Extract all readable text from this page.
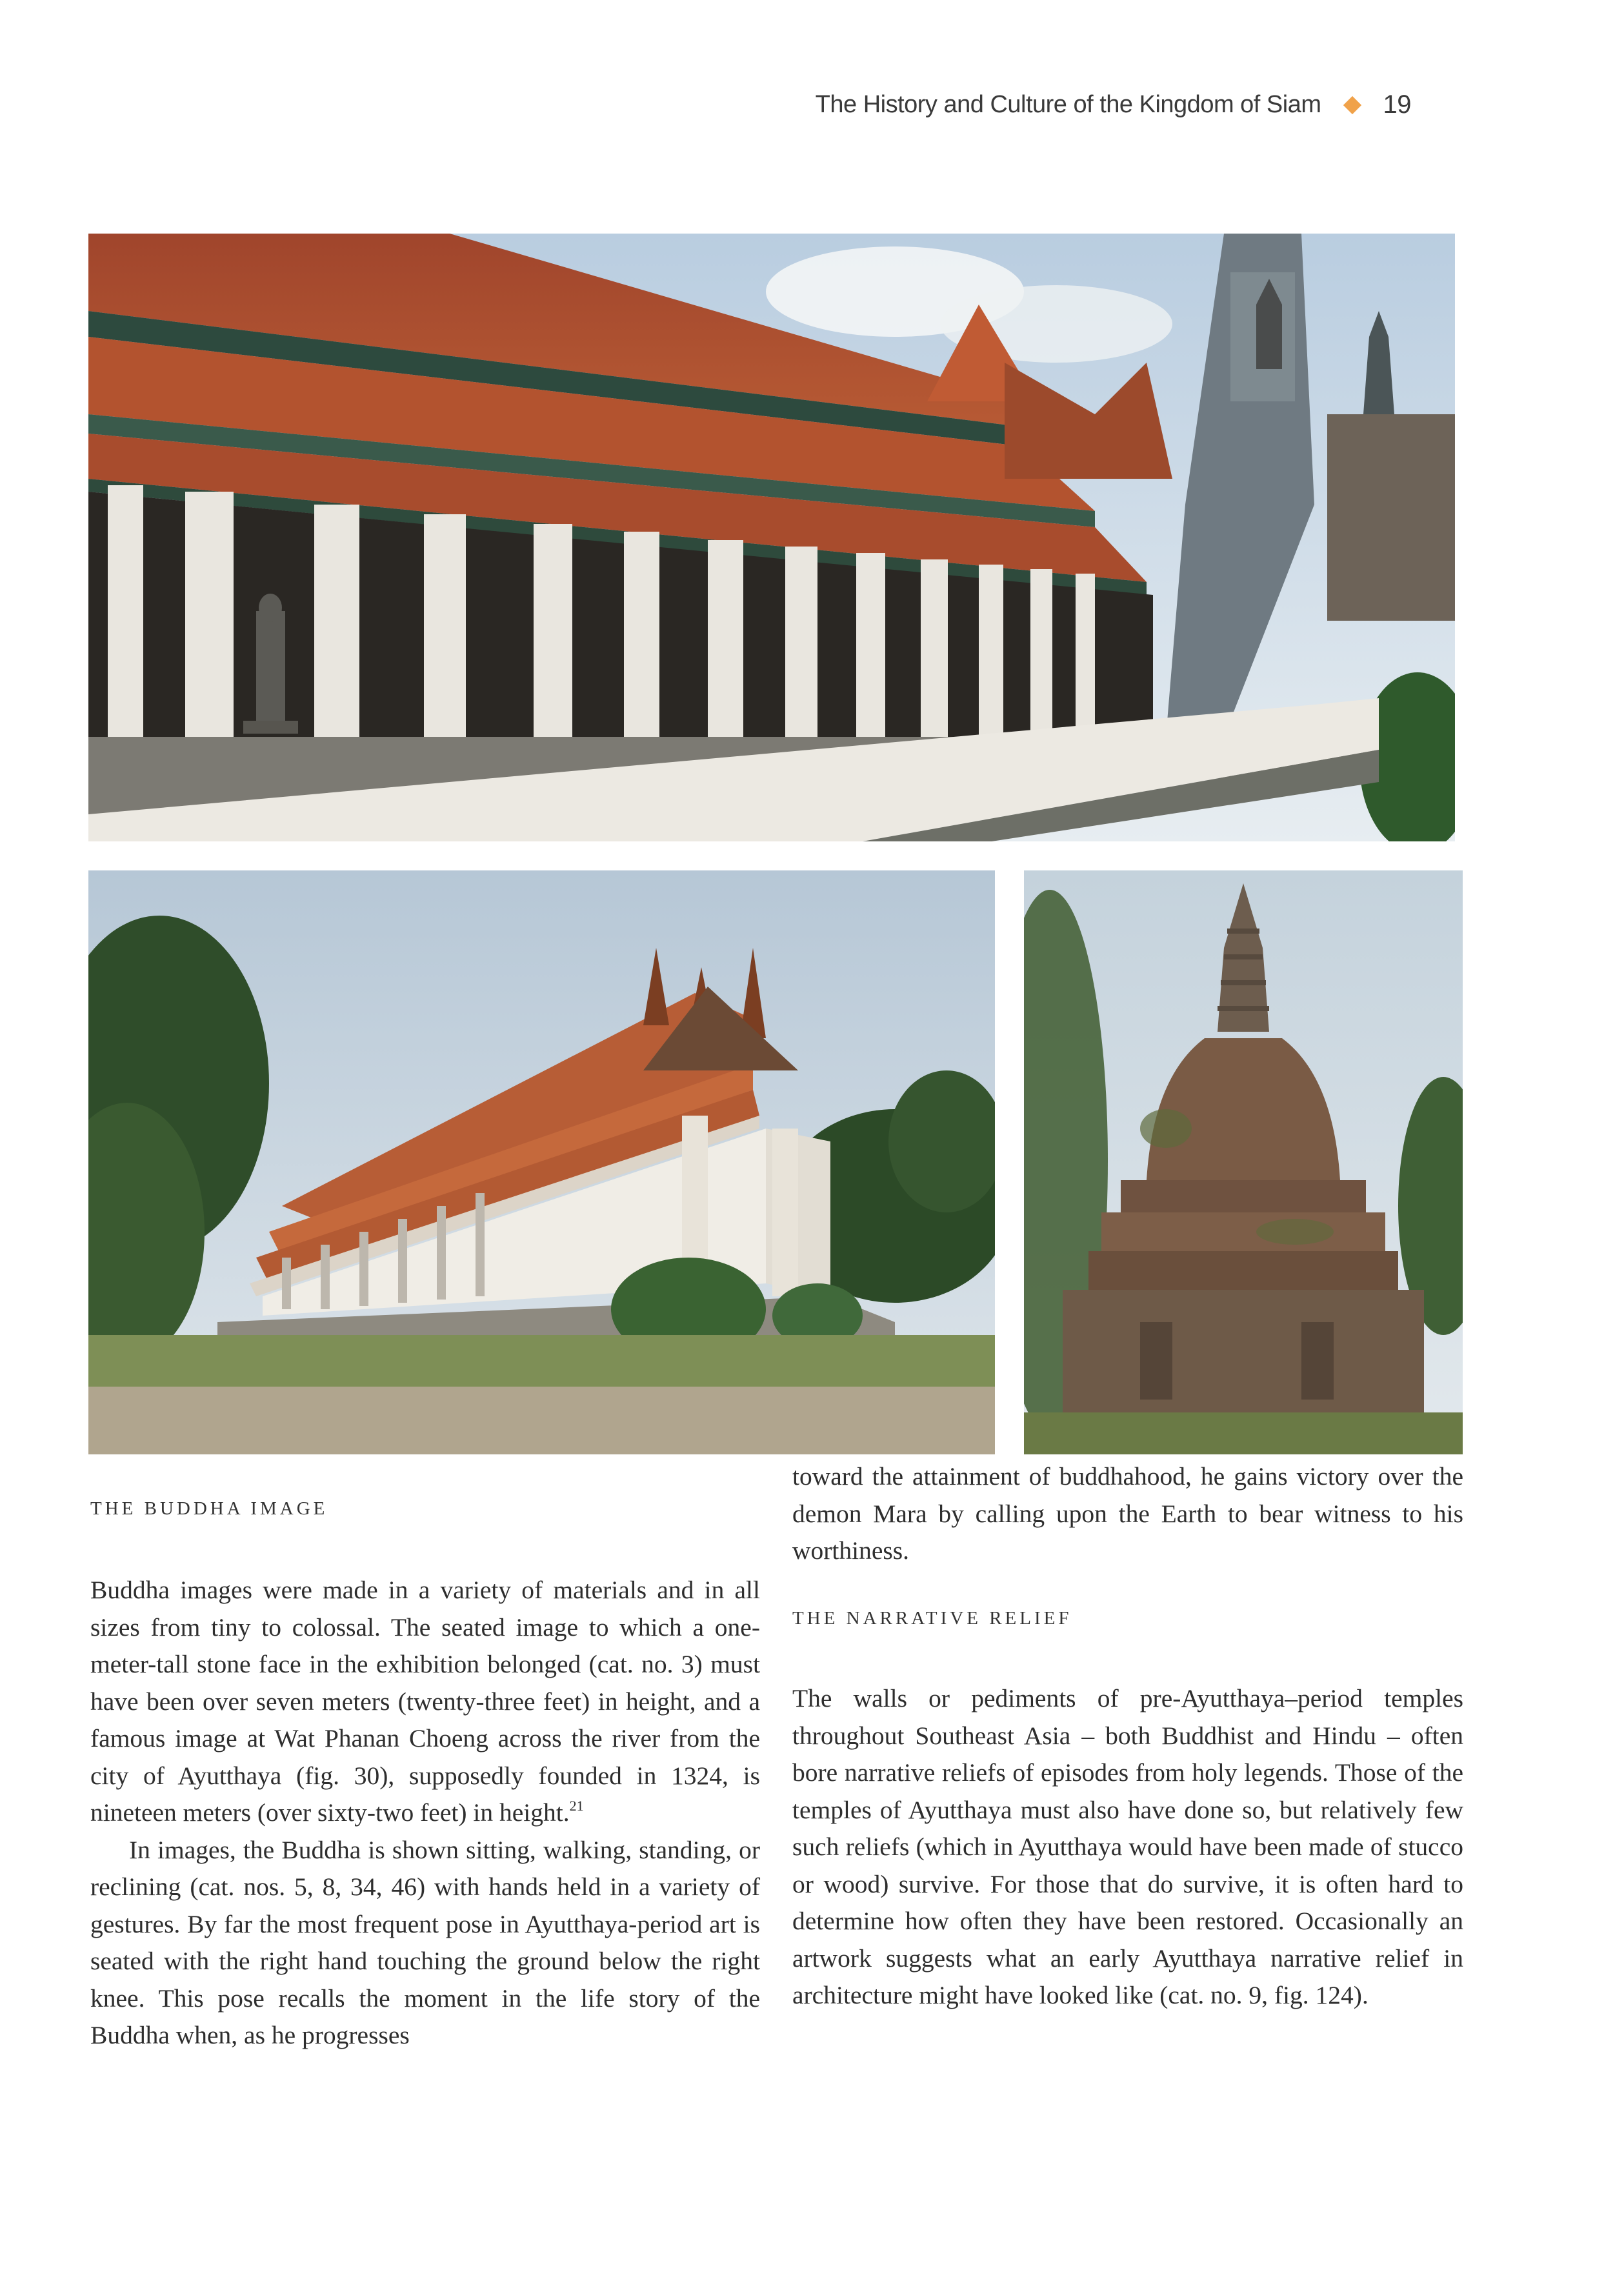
The History and Culture of the Kingdom of Siam 19
THE BUDDHA IMAGE

Buddha images were made in a variety of materials and in all sizes from tiny to colossal. The seated image to which a one-meter-tall stone face in the exhibition belonged (cat. no. 3) must have been over seven meters (twenty-three feet) in height, and a famous image at Wat Phanan Choeng across the river from the city of Ayutthaya (fig. 30), supposedly founded in 1324, is nineteen meters (over sixty-two feet) in height.$^{21}$

In images, the Buddha is shown sitting, walking, standing, or reclining (cat. nos. 5, 8, 34, 46) with hands held in a variety of gestures. By far the most frequent pose in Ayutthaya-period art is seated with the right hand touching the ground below the right knee. This pose recalls the moment in the life story of the Buddha when, as he progresses

toward the attainment of buddhahood, he gains victory over the demon Mara by calling upon the Earth to bear witness to his worthiness.

THE NARRATIVE RELIEF

The walls or pediments of pre-Ayutthaya–period temples throughout Southeast Asia – both Buddhist and Hindu – often bore narrative reliefs of episodes from holy legends. Those of the temples of Ayutthaya must also have done so, but relatively few such reliefs (which in Ayutthaya would have been made of stucco or wood) survive. For those that do survive, it is often hard to determine how often they have been restored. Occasionally an artwork suggests what an early Ayutthaya narrative relief in architecture might have looked like (cat. no. 9, fig. 124).
